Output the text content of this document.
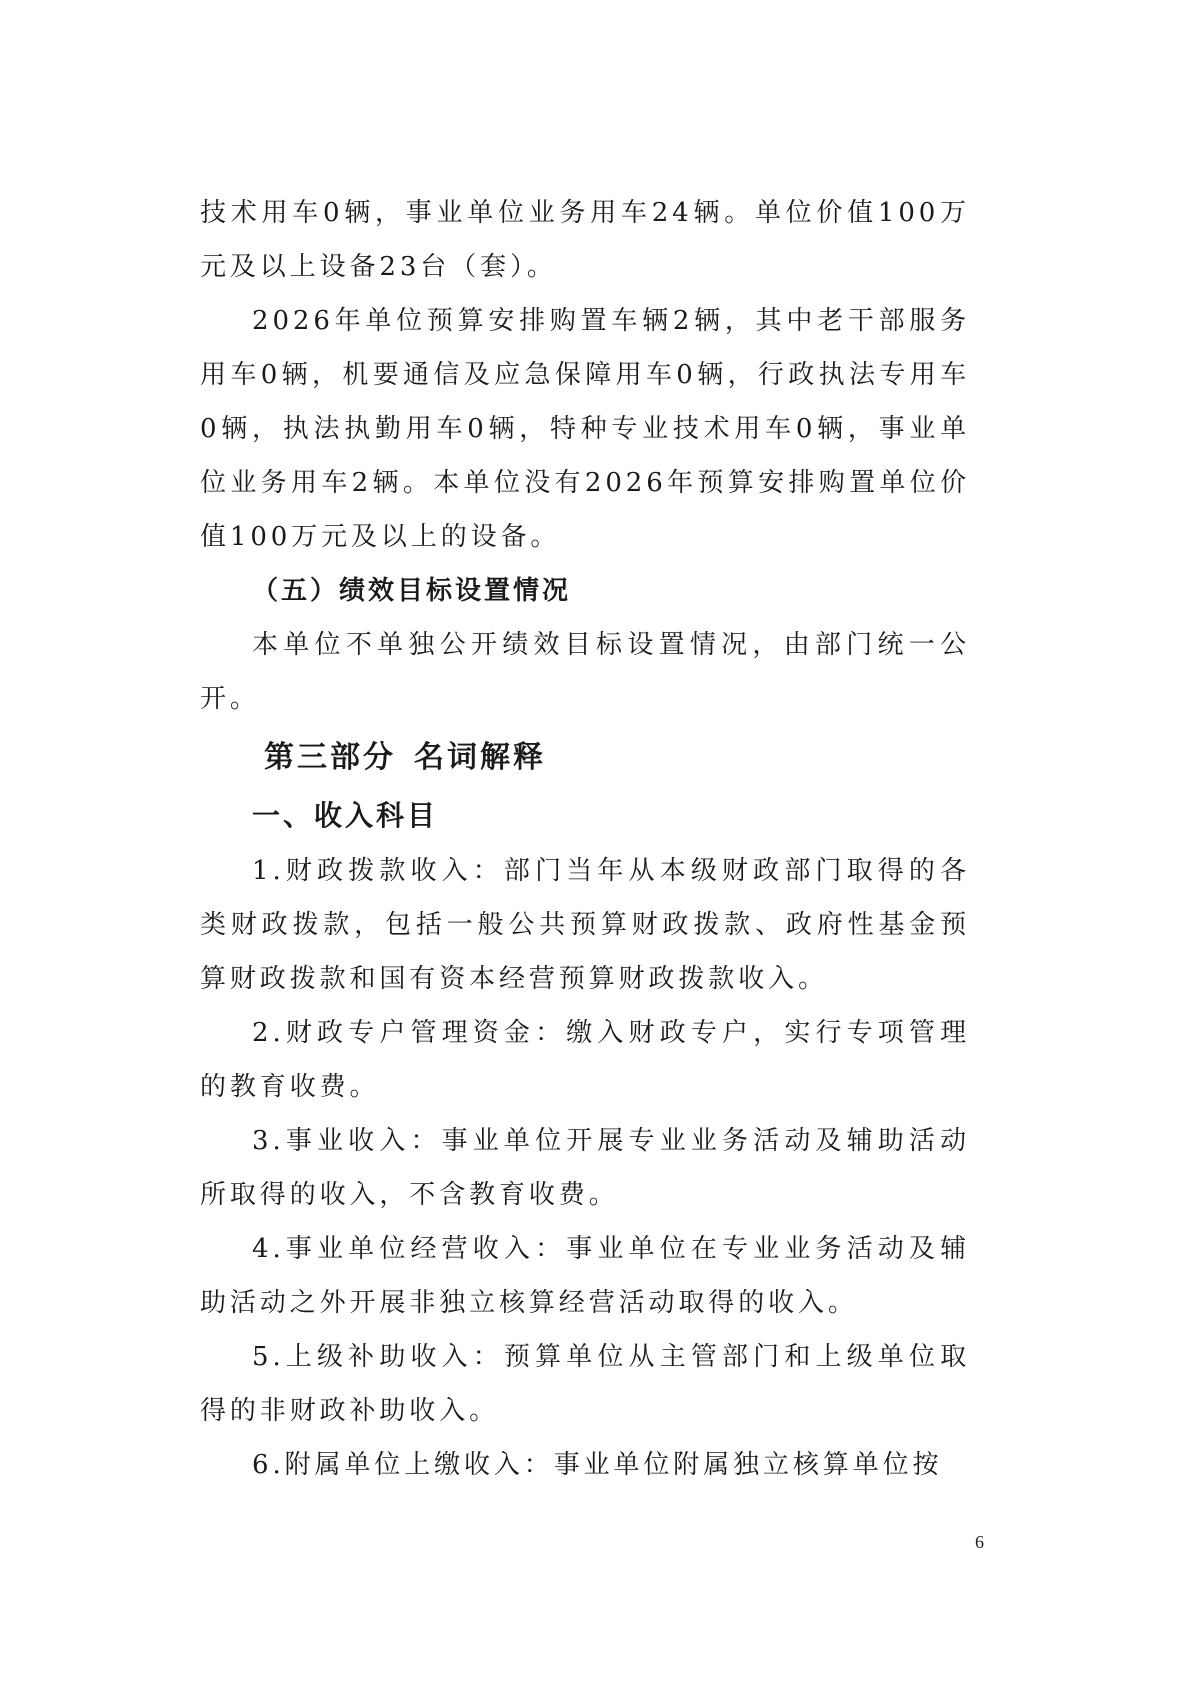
技术用车0辆，事业单位业务用车24辆。单位价值100万元及以上设备23台（套）。

2026年单位预算安排购置车辆2辆，其中老干部服务用车0辆，机要通信及应急保障用车0辆，行政执法专用车0辆，执法执勤用车0辆，特种专业技术用车0辆，事业单位业务用车2辆。本单位没有2026年预算安排购置单位价值100万元及以上的设备。

（五）绩效目标设置情况

本单位不单独公开绩效目标设置情况，由部门统一公开。

第三部分 名词解释

一、收入科目

1.财政拨款收入：部门当年从本级财政部门取得的各类财政拨款，包括一般公共预算财政拨款、政府性基金预算财政拨款和国有资本经营预算财政拨款收入。

2.财政专户管理资金：缴入财政专户，实行专项管理的教育收费。

3.事业收入：事业单位开展专业业务活动及辅助活动所取得的收入，不含教育收费。

4.事业单位经营收入：事业单位在专业业务活动及辅助活动之外开展非独立核算经营活动取得的收入。

5.上级补助收入：预算单位从主管部门和上级单位取得的非财政补助收入。

6.附属单位上缴收入：事业单位附属独立核算单位按

6
